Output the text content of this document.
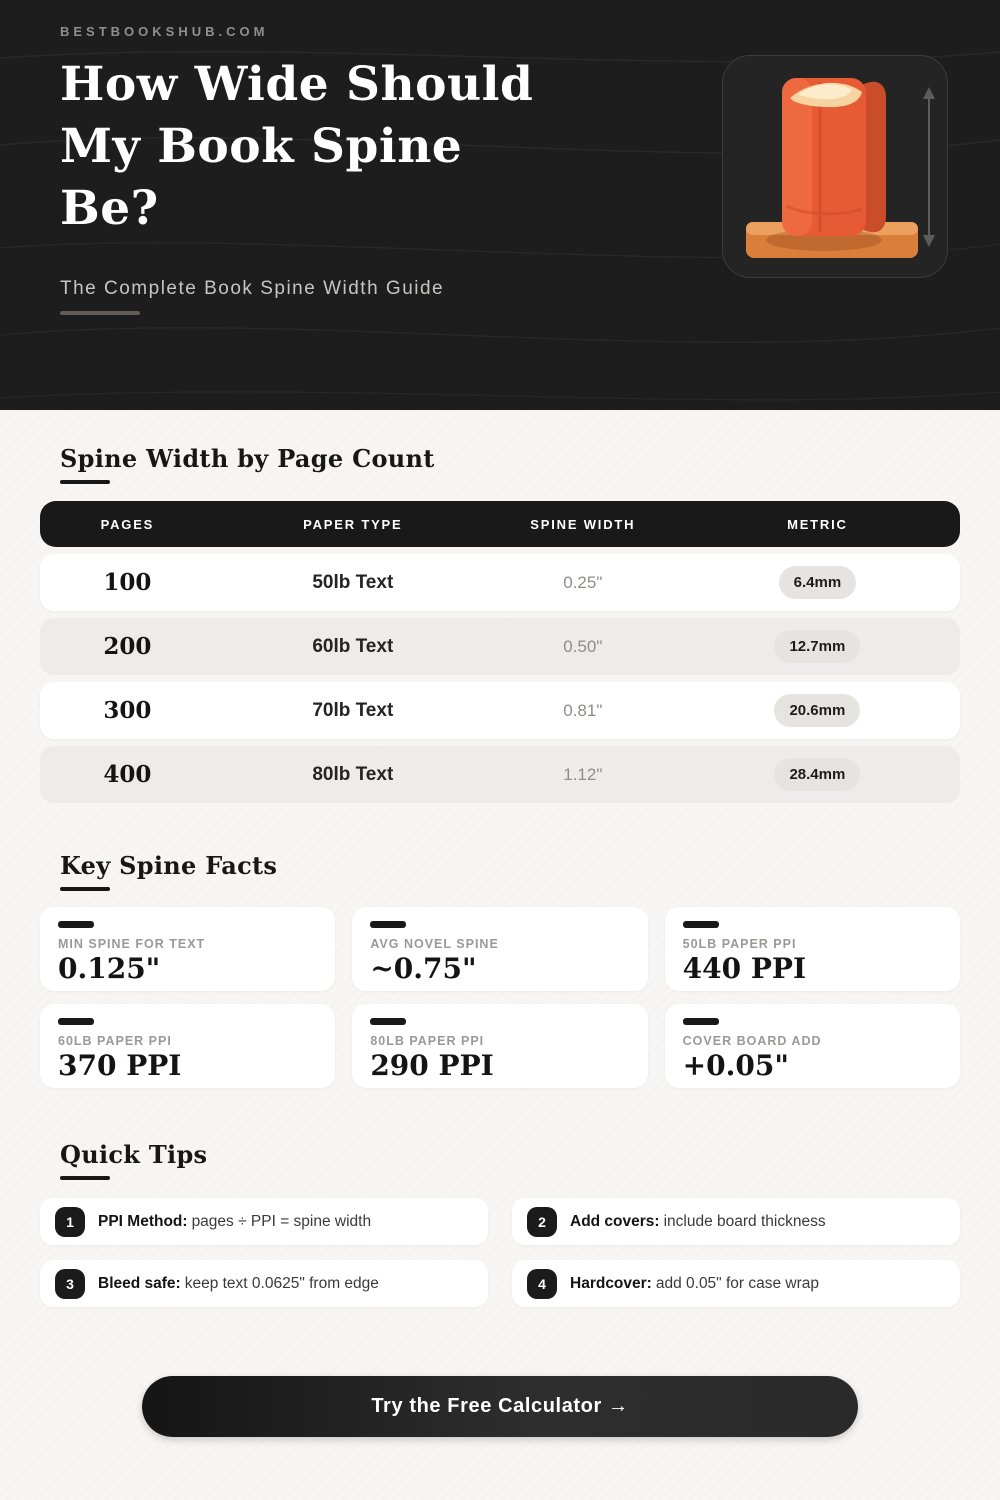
BESTBOOKSHUB.COM
How Wide Should
My Book Spine
Be?
The Complete Book Spine Width Guide
Spine Width by Page Count
PAGES	PAPER TYPE	SPINE WIDTH	METRIC
100	50lb Text	0.25"	6.4mm
200	60lb Text	0.50"	12.7mm
300	70lb Text	0.81"	20.6mm
400	80lb Text	1.12"	28.4mm
Key Spine Facts
MIN SPINE FOR TEXT
0.125"
AVG NOVEL SPINE
~0.75"
50LB PAPER PPI
440 PPI
60LB PAPER PPI
370 PPI
80LB PAPER PPI
290 PPI
COVER BOARD ADD
+0.05"
Quick Tips
1	PPI Method: pages ÷ PPI = spine width	2	Add covers: include board thickness
3	Bleed safe: keep text 0.0625" from edge	4	Hardcover: add 0.05" for case wrap
Try the Free Calculator →
